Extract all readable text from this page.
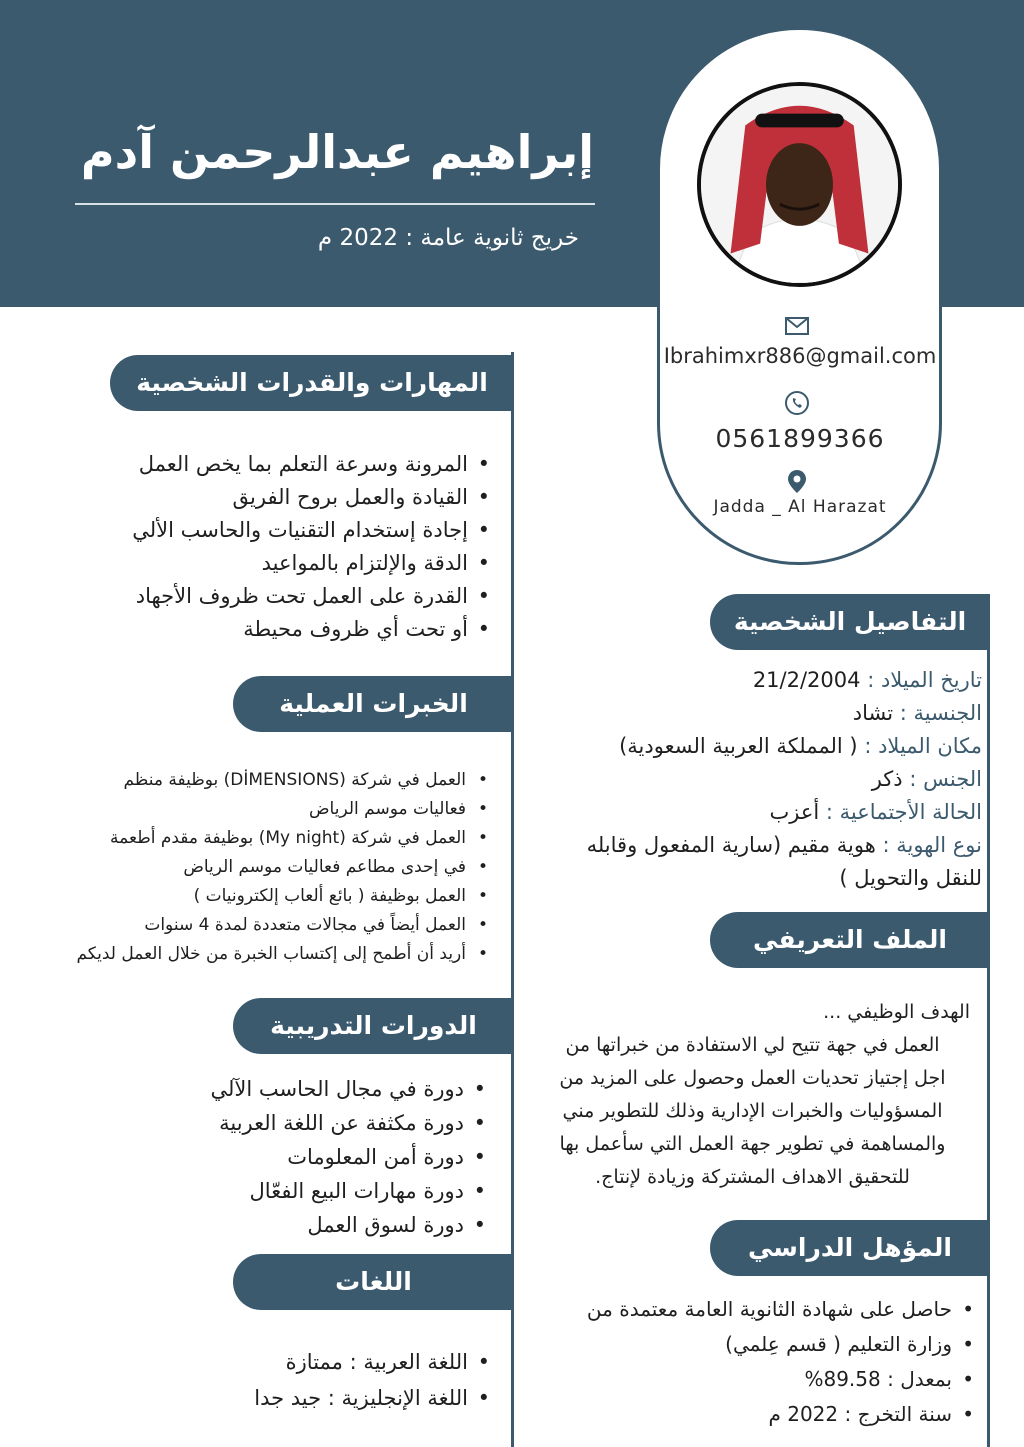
إبراهيم عبدالرحمن آدم
خريج ثانوية عامة : 2022 م
Ibrahimxr886@gmail.com
0561899366
Jadda _ Al Harazat
المهارات والقدرات الشخصية
• المرونة وسرعة التعلم بما يخص العمل
• القيادة والعمل بروح الفريق
• إجادة إستخدام التقنيات والحاسب الألي
• الدقة والإلتزام بالمواعيد
• القدرة على العمل تحت ظروف الأجهاد
• أو تحت أي ظروف محيطة
الخبرات العملية
• العمل في شركة (DİMENSIONS) بوظيفة منظم
• فعاليات موسم الرياض
• العمل في شركة (My night) بوظيفة مقدم أطعمة
• في إحدى مطاعم فعاليات موسم الرياض
• العمل بوظيفة ( بائع ألعاب إلكترونيات )
• العمل أيضاً في مجالات متعددة لمدة 4 سنوات
• أريد أن أطمح إلى إكتساب الخبرة من خلال العمل لديكم
الدورات التدريبية
• دورة في مجال الحاسب الآلي
• دورة مكثفة عن اللغة العربية
• دورة أمن المعلومات
• دورة مهارات البيع الفعّال
• دورة لسوق العمل
اللغات
• اللغة العربية : ممتازة
• اللغة الإنجليزية : جيد جدا
التفاصيل الشخصية
تاريخ الميلاد : 21/2/2004
الجنسية : تشاد
مكان الميلاد : ( المملكة العربية السعودية)
الجنس : ذكر
الحالة الأجتماعية : أعزب
نوع الهوية : هوية مقيم (سارية المفعول وقابله
للنقل والتحويل )
الملف التعريفي
الهدف الوظيفي ...
العمل في جهة تتيح لي الاستفادة من خبراتها من
اجل إجتياز تحديات العمل وحصول على المزيد من
المسؤوليات والخبرات الإدارية وذلك للتطوير مني
والمساهمة في تطوير جهة العمل التي سأعمل بها
للتحقيق الاهداف المشتركة وزيادة لإنتاج.
المؤهل الدراسي
• حاصل على شهادة الثانوية العامة معتمدة من
• وزارة التعليم ( قسم عِلمي)
• بمعدل : 89.58%
• سنة التخرج : 2022 م
